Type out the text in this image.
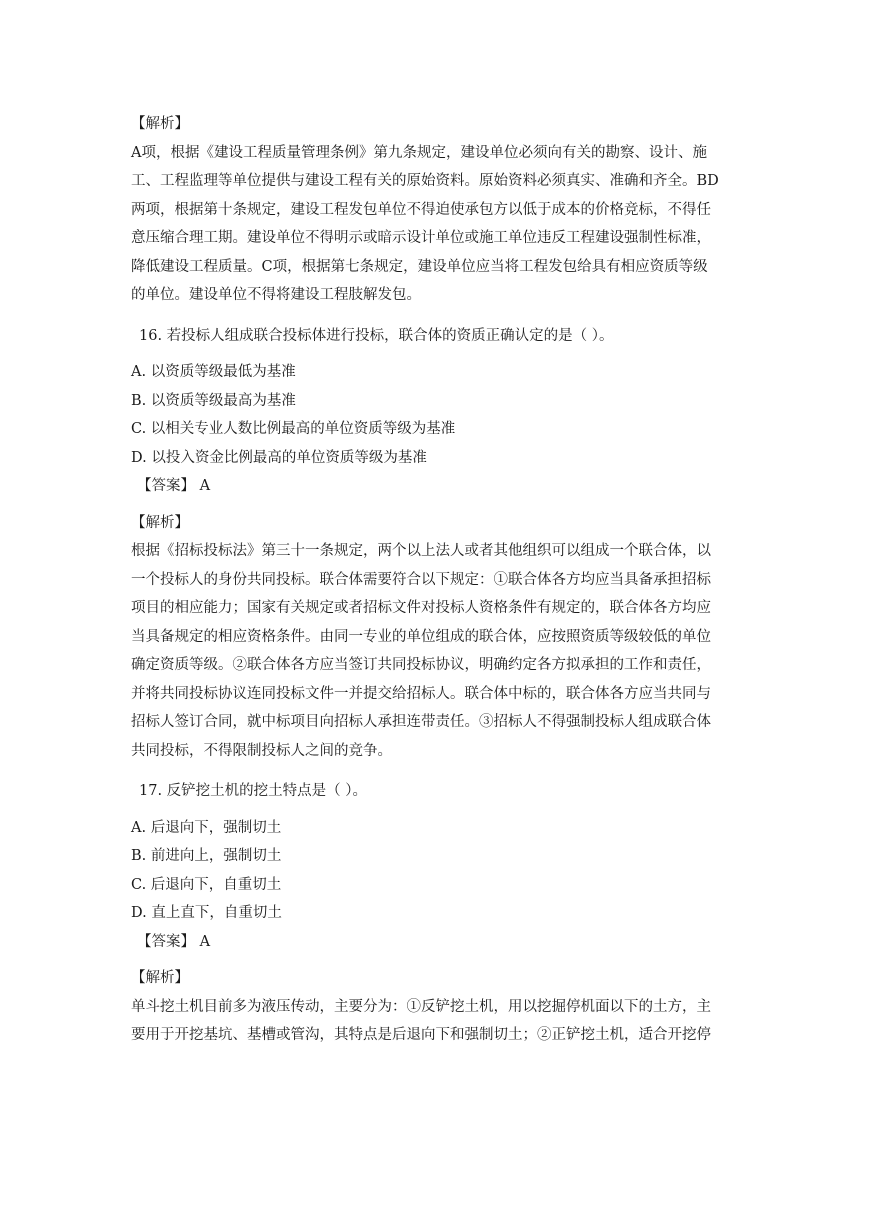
【解析】
A项，根据《建设工程质量管理条例》第九条规定，建设单位必须向有关的勘察、设计、施
工、工程监理等单位提供与建设工程有关的原始资料。原始资料必须真实、准确和齐全。BD
两项，根据第十条规定，建设工程发包单位不得迫使承包方以低于成本的价格竞标，不得任
意压缩合理工期。建设单位不得明示或暗示设计单位或施工单位违反工程建设强制性标准，
降低建设工程质量。C项，根据第七条规定，建设单位应当将工程发包给具有相应资质等级
的单位。建设单位不得将建设工程肢解发包。
16. 若投标人组成联合投标体进行投标，联合体的资质正确认定的是（ ）。
A. 以资质等级最低为基准
B. 以资质等级最高为基准
C. 以相关专业人数比例最高的单位资质等级为基准
D. 以投入资金比例最高的单位资质等级为基准
【答案】 A
【解析】
根据《招标投标法》第三十一条规定，两个以上法人或者其他组织可以组成一个联合体，以
一个投标人的身份共同投标。联合体需要符合以下规定：①联合体各方均应当具备承担招标
项目的相应能力；国家有关规定或者招标文件对投标人资格条件有规定的，联合体各方均应
当具备规定的相应资格条件。由同一专业的单位组成的联合体，应按照资质等级较低的单位
确定资质等级。②联合体各方应当签订共同投标协议，明确约定各方拟承担的工作和责任，
并将共同投标协议连同投标文件一并提交给招标人。联合体中标的，联合体各方应当共同与
招标人签订合同，就中标项目向招标人承担连带责任。③招标人不得强制投标人组成联合体
共同投标，不得限制投标人之间的竞争。
17. 反铲挖土机的挖土特点是（ ）。
A. 后退向下，强制切土
B. 前进向上，强制切土
C. 后退向下，自重切土
D. 直上直下，自重切土
【答案】 A
【解析】
单斗挖土机目前多为液压传动，主要分为：①反铲挖土机，用以挖掘停机面以下的土方，主
要用于开挖基坑、基槽或管沟，其特点是后退向下和强制切土；②正铲挖土机，适合开挖停
